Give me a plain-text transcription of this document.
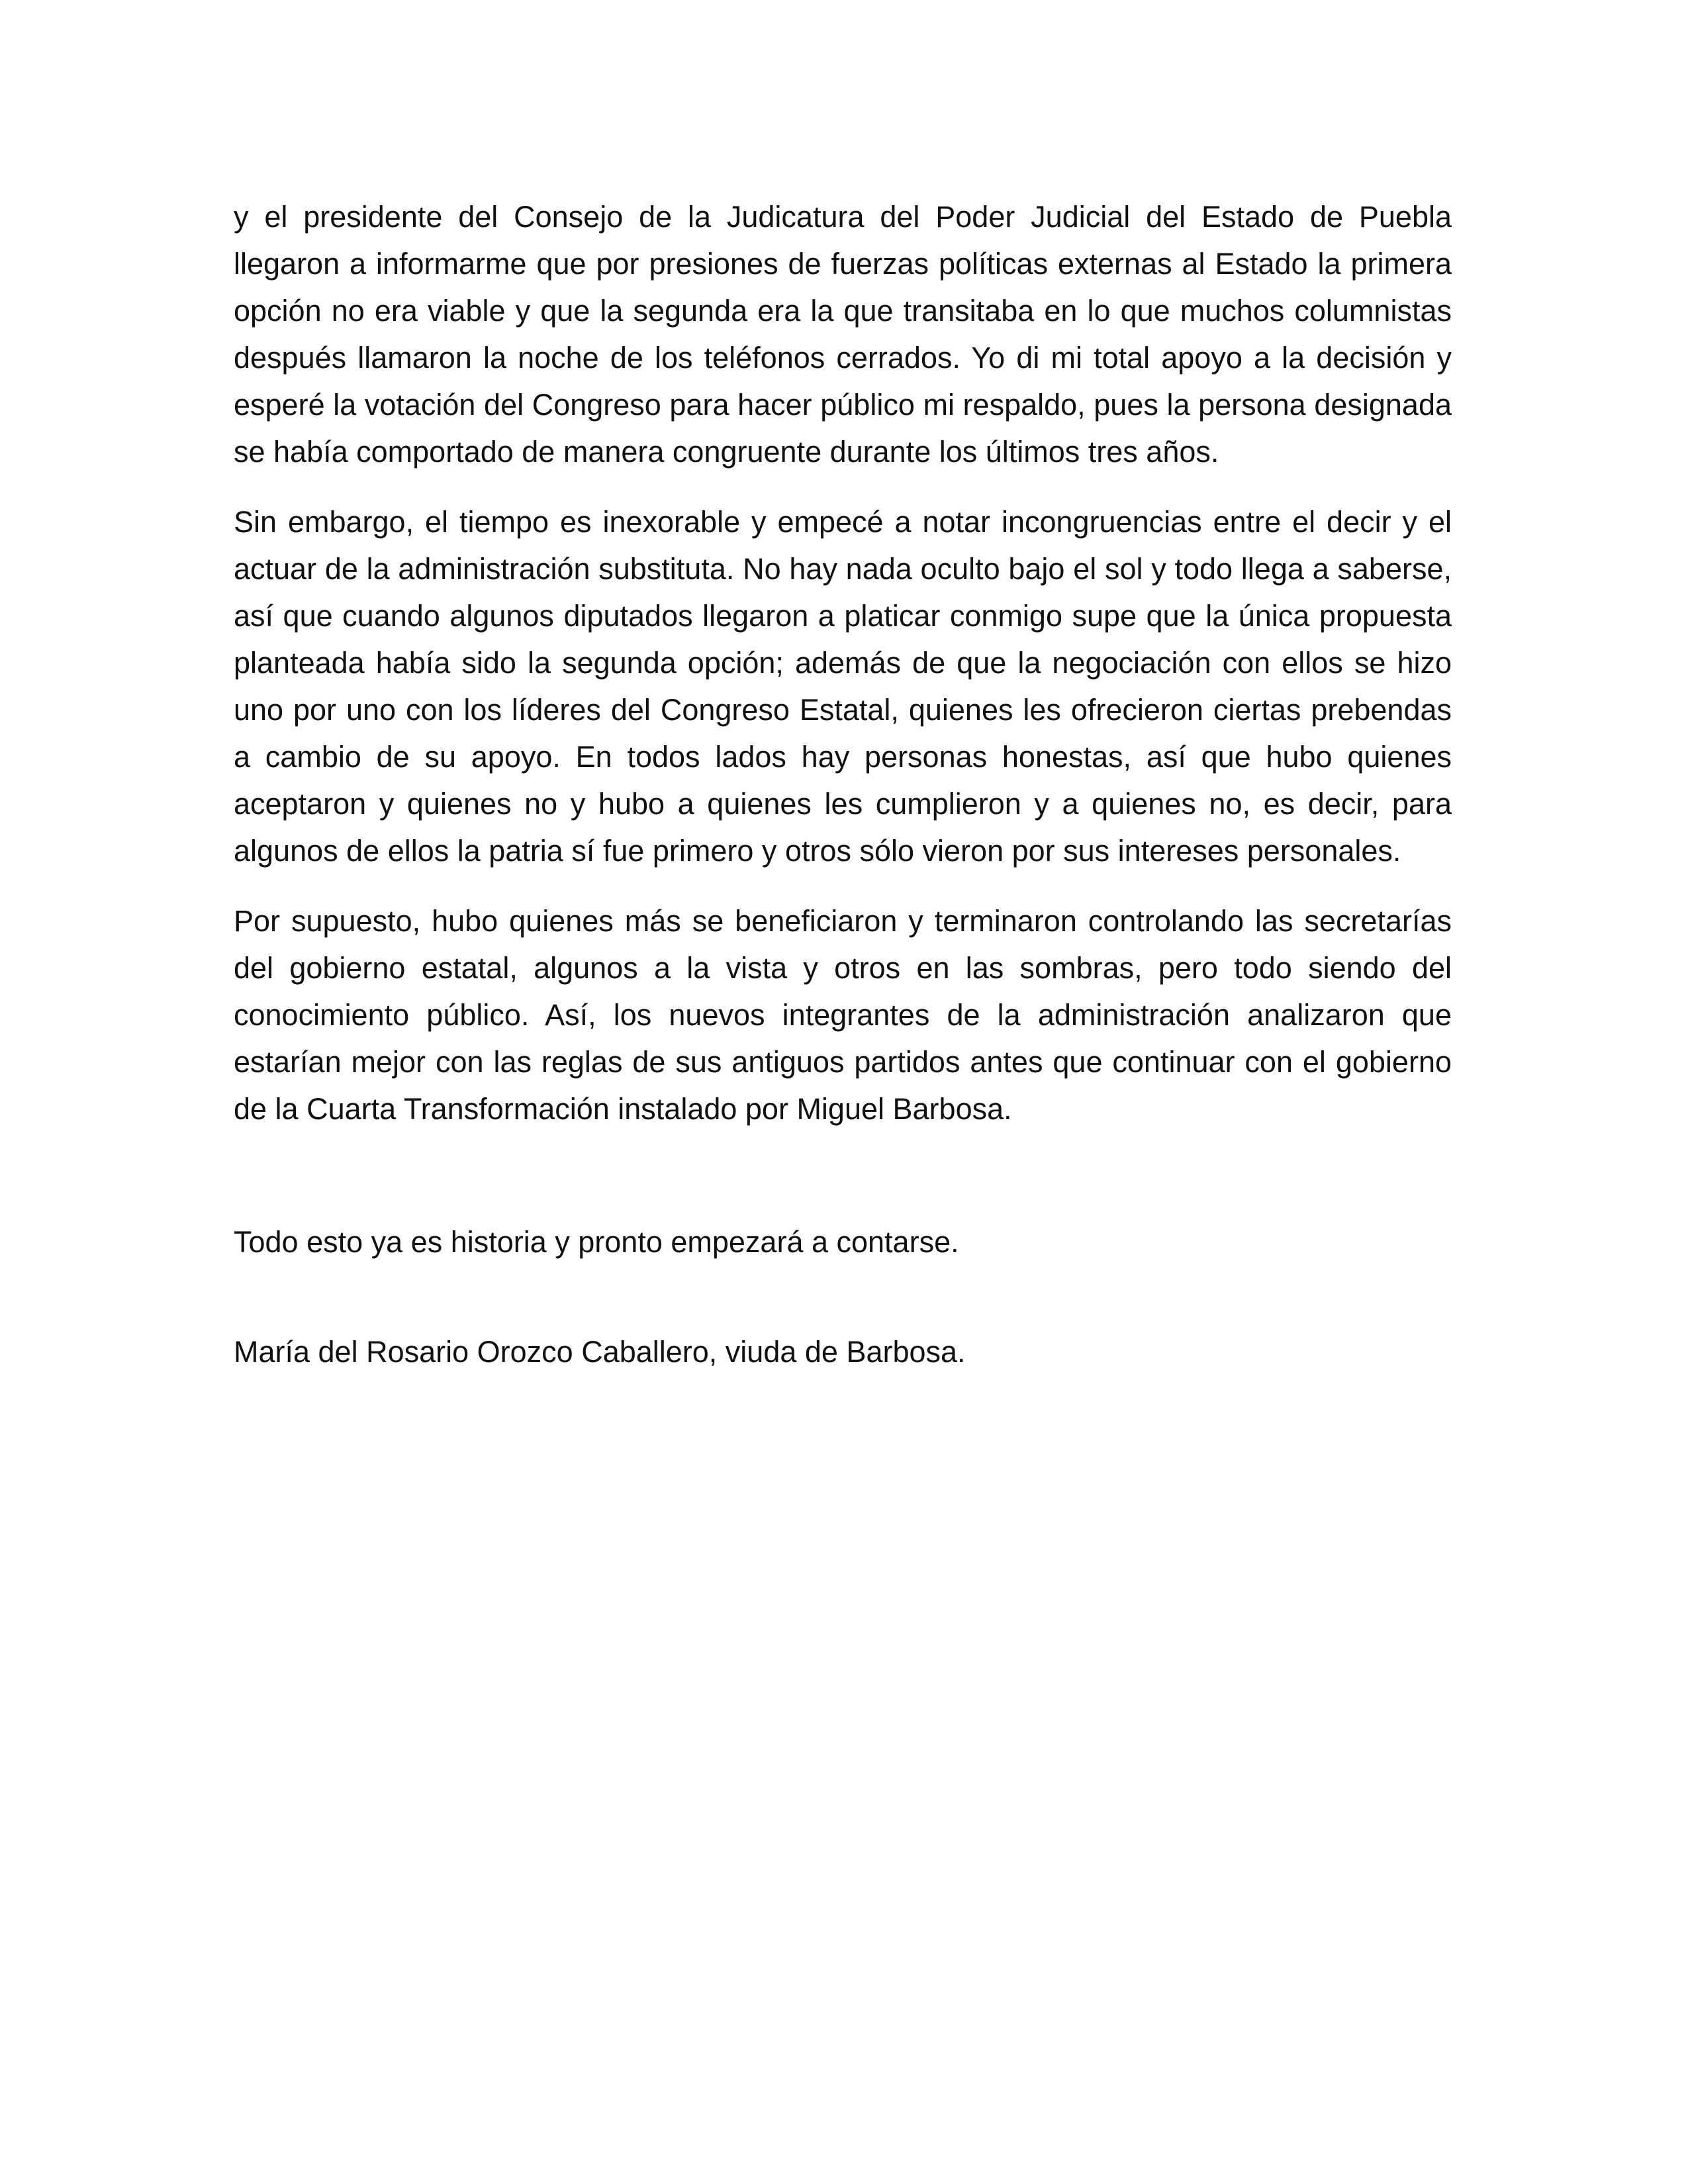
y el presidente del Consejo de la Judicatura del Poder Judicial del Estado de Puebla llegaron a informarme que por presiones de fuerzas políticas externas al Estado la primera opción no era viable y que la segunda era la que transitaba en lo que muchos columnistas después llamaron la noche de los teléfonos cerrados. Yo di mi total apoyo a la decisión y esperé la votación del Congreso para hacer público mi respaldo, pues la persona designada se había comportado de manera congruente durante los últimos tres años.

Sin embargo, el tiempo es inexorable y empecé a notar incongruencias entre el decir y el actuar de la administración substituta. No hay nada oculto bajo el sol y todo llega a saberse, así que cuando algunos diputados llegaron a platicar conmigo supe que la única propuesta planteada había sido la segunda opción; además de que la negociación con ellos se hizo uno por uno con los líderes del Congreso Estatal, quienes les ofrecieron ciertas prebendas a cambio de su apoyo. En todos lados hay personas honestas, así que hubo quienes aceptaron y quienes no y hubo a quienes les cumplieron y a quienes no, es decir, para algunos de ellos la patria sí fue primero y otros sólo vieron por sus intereses personales.

Por supuesto, hubo quienes más se beneficiaron y terminaron controlando las secretarías del gobierno estatal, algunos a la vista y otros en las sombras, pero todo siendo del conocimiento público. Así, los nuevos integrantes de la administración analizaron que estarían mejor con las reglas de sus antiguos partidos antes que continuar con el gobierno de la Cuarta Transformación instalado por Miguel Barbosa.

Todo esto ya es historia y pronto empezará a contarse.

María del Rosario Orozco Caballero, viuda de Barbosa.
